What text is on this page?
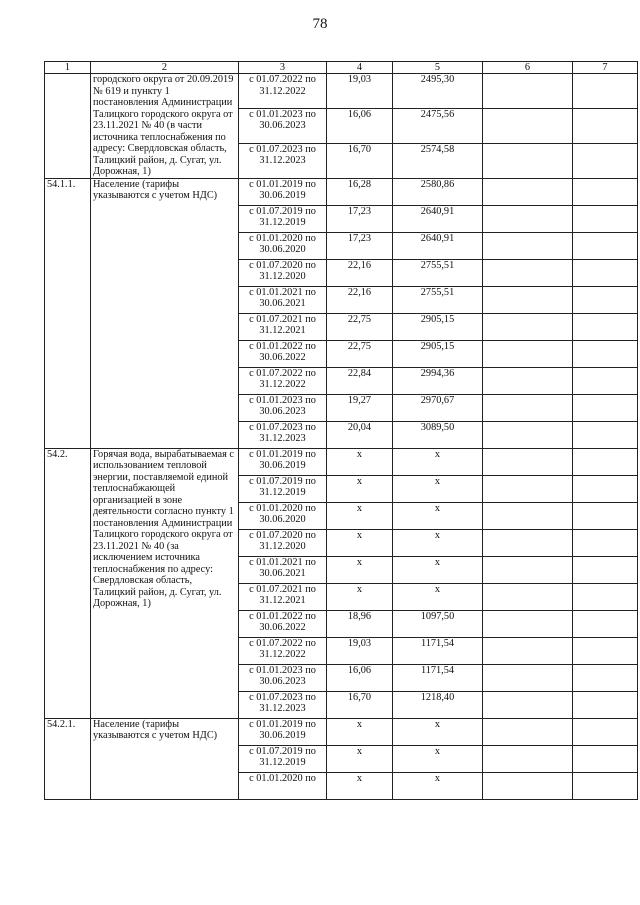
78
1	2	3	4	5	6	7
	городского округа от 20.09.2019 № 619 и пункту 1 постановления Администрации Талицкого городского округа от 23.11.2021 № 40 (в части источника теплоснабжения по адресу: Свердловская область, Талицкий район, д. Сугат, ул. Дорожная, 1)	с 01.07.2022 по 31.12.2022	19,03	2495,30		
		с 01.01.2023 по 30.06.2023	16,06	2475,56		
		с 01.07.2023 по 31.12.2023	16,70	2574,58		
54.1.1.	Население (тарифы указываются с учетом НДС)	с 01.01.2019 по 30.06.2019	16,28	2580,86		
		с 01.07.2019 по 31.12.2019	17,23	2640,91		
		с 01.01.2020 по 30.06.2020	17,23	2640,91		
		с 01.07.2020 по 31.12.2020	22,16	2755,51		
		с 01.01.2021 по 30.06.2021	22,16	2755,51		
		с 01.07.2021 по 31.12.2021	22,75	2905,15		
		с 01.01.2022 по 30.06.2022	22,75	2905,15		
		с 01.07.2022 по 31.12.2022	22,84	2994,36		
		с 01.01.2023 по 30.06.2023	19,27	2970,67		
		с 01.07.2023 по 31.12.2023	20,04	3089,50		
54.2.	Горячая вода, вырабатываемая с использованием тепловой энергии, поставляемой единой теплоснабжающей организацией в зоне деятельности согласно пункту 1 постановления Администрации Талицкого городского округа от 23.11.2021 № 40 (за исключением источника теплоснабжения по адресу: Свердловская область, Талицкий район, д. Сугат, ул. Дорожная, 1)	с 01.01.2019 по 30.06.2019	х	х		
		с 01.07.2019 по 31.12.2019	х	х		
		с 01.01.2020 по 30.06.2020	х	х		
		с 01.07.2020 по 31.12.2020	х	х		
		с 01.01.2021 по 30.06.2021	х	х		
		с 01.07.2021 по 31.12.2021	х	х		
		с 01.01.2022 по 30.06.2022	18,96	1097,50		
		с 01.07.2022 по 31.12.2022	19,03	1171,54		
		с 01.01.2023 по 30.06.2023	16,06	1171,54		
		с 01.07.2023 по 31.12.2023	16,70	1218,40		
54.2.1.	Население (тарифы указываются с учетом НДС)	с 01.01.2019 по 30.06.2019	х	х		
		с 01.07.2019 по 31.12.2019	х	х		
		с 01.01.2020 по	х	х		
